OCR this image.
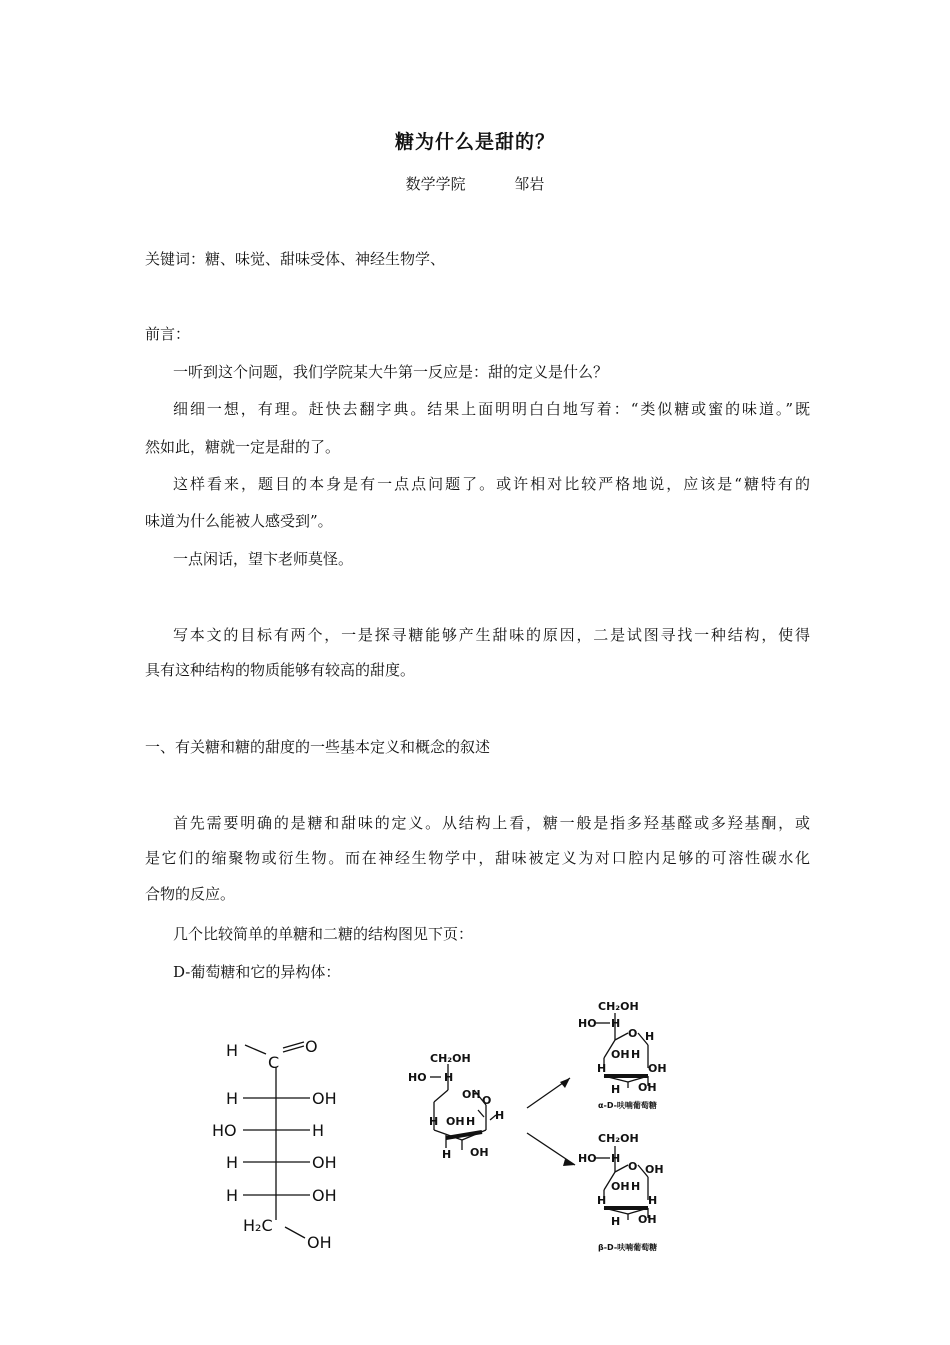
糖为什么是甜的？
数学学院	邹岩
关键词：糖、味觉、甜味受体、神经生物学、
前言：
一听到这个问题，我们学院某大牛第一反应是：甜的定义是什么？
细细一想，有理。赶快去翻字典。结果上面明明白白地写着：“类似糖或蜜的味道。”既
然如此，糖就一定是甜的了。
这样看来，题目的本身是有一点点问题了。或许相对比较严格地说，应该是“糖特有的
味道为什么能被人感受到”。
一点闲话，望卞老师莫怪。
写本文的目标有两个，一是探寻糖能够产生甜味的原因，二是试图寻找一种结构，使得
具有这种结构的物质能够有较高的甜度。
一、有关糖和糖的甜度的一些基本定义和概念的叙述
首先需要明确的是糖和甜味的定义。从结构上看，糖一般是指多羟基醛或多羟基酮，或
是它们的缩聚物或衍生物。而在神经生物学中，甜味被定义为对口腔内足够的可溶性碳水化
合物的反应。
几个比较简单的单糖和二糖的结构图见下页：
D-葡萄糖和它的异构体：
H
C
O
H	OH
HO	H
H	OH
H	OH
H₂C
OH
CH₂OH
HO H
OH
H OH H
O
H
H OH
CH₂OH
HO H
O H
OH H
OH
H
H OH
α-D-呋喃葡萄糖
CH₂OH
HO H
O OH
OH H
H
H
H OH
β-D-呋喃葡萄糖
